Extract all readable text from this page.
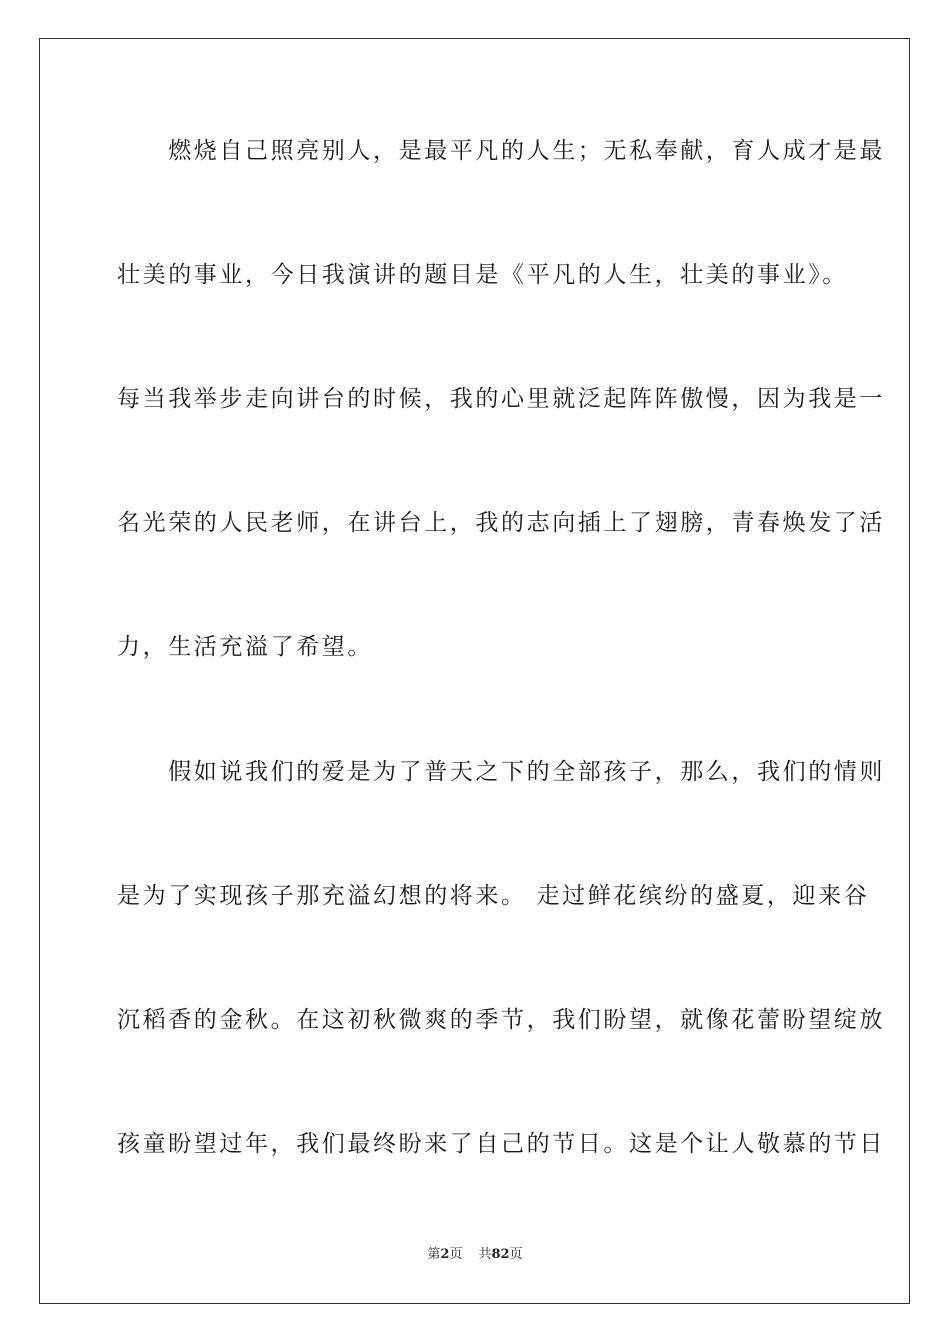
　　燃烧自己照亮别人，是最平凡的人生；无私奉献，育人成才是最
壮美的事业，今日我演讲的题目是《平凡的人生，壮美的事业》。
每当我举步走向讲台的时候，我的心里就泛起阵阵傲慢，因为我是一
名光荣的人民老师，在讲台上，我的志向插上了翅膀，青春焕发了活
力，生活充溢了希望。
　　假如说我们的爱是为了普天之下的全部孩子，那么，我们的情则
是为了实现孩子那充溢幻想的将来。 走过鲜花缤纷的盛夏，迎来谷
沉稻香的金秋。在这初秋微爽的季节，我们盼望，就像花蕾盼望绽放
孩童盼望过年，我们最终盼来了自己的节日。这是个让人敬慕的节日
第2页 共82页
